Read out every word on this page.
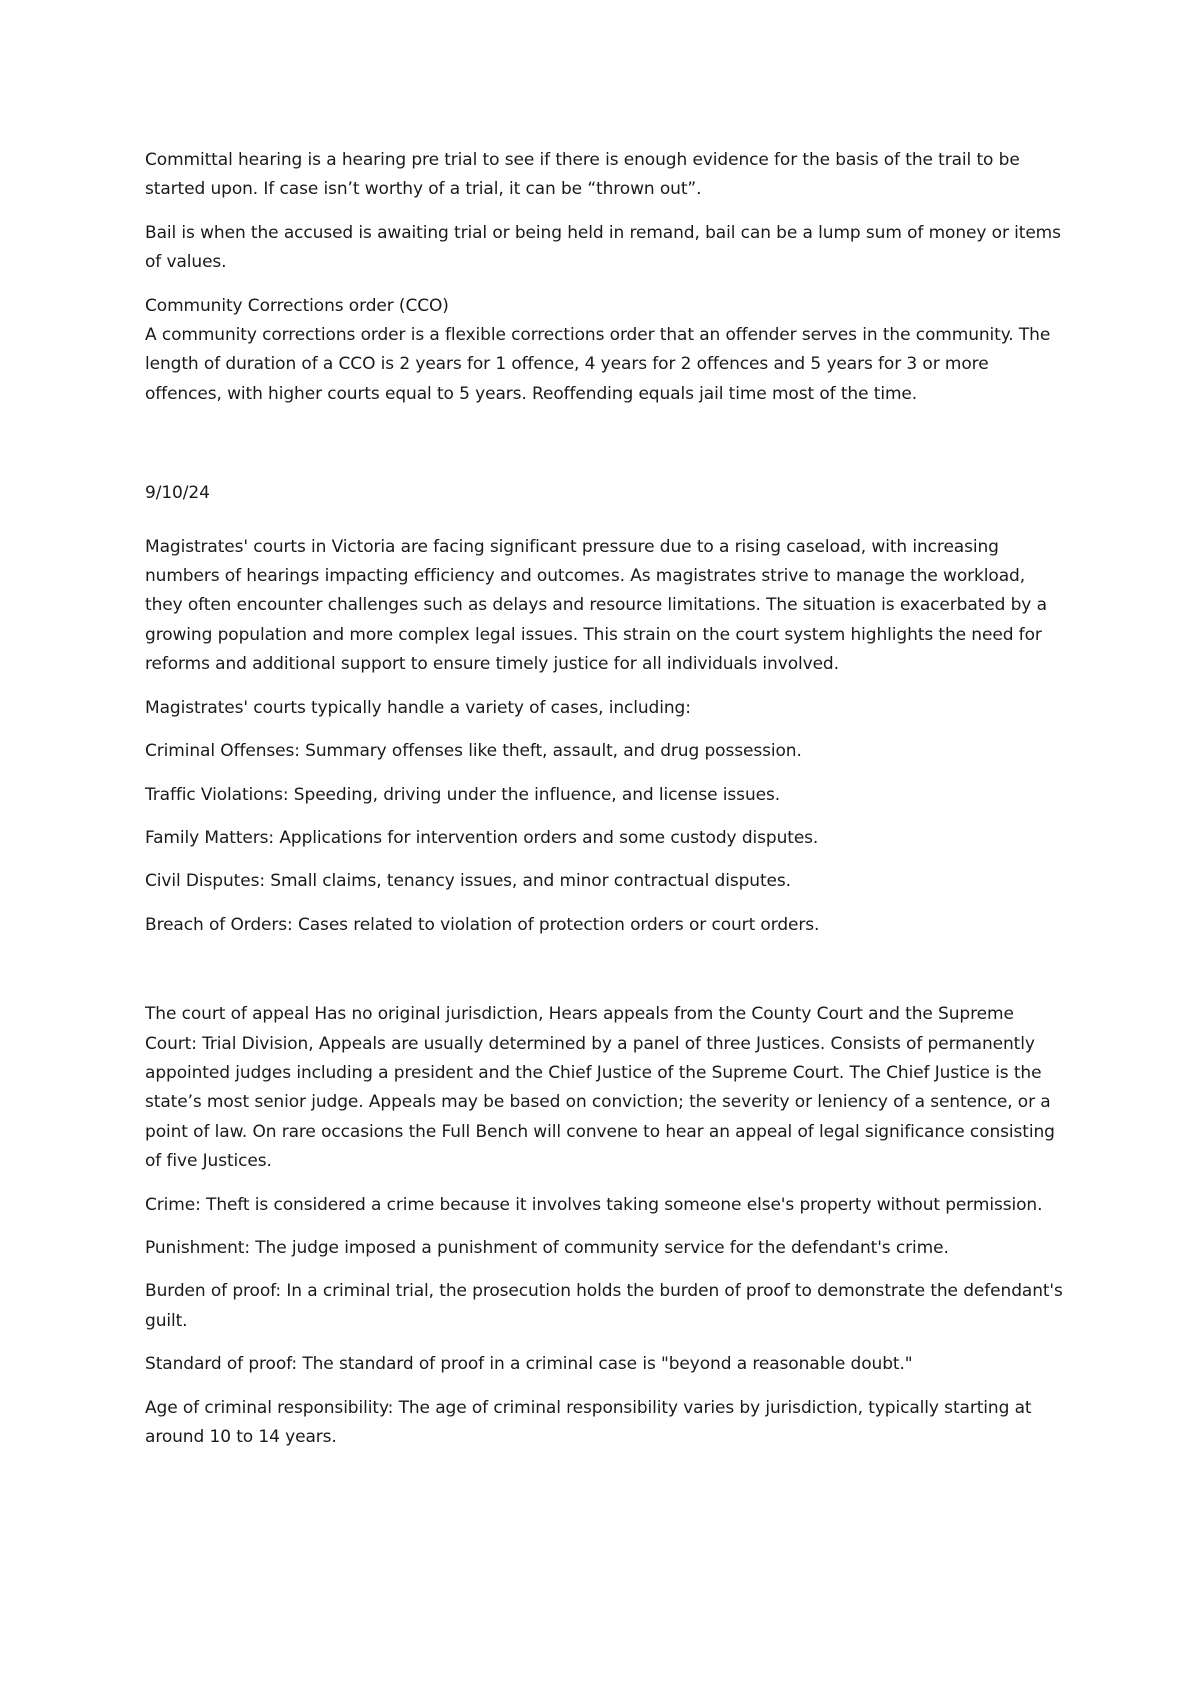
Committal hearing is a hearing pre trial to see if there is enough evidence for the basis of the trail to be started upon. If case isn’t worthy of a trial, it can be “thrown out”.

Bail is when the accused is awaiting trial or being held in remand, bail can be a lump sum of money or items of values.

Community Corrections order (CCO)

A community corrections order is a flexible corrections order that an offender serves in the community. The length of duration of a CCO is 2 years for 1 offence, 4 years for 2 offences and 5 years for 3 or more offences, with higher courts equal to 5 years. Reoffending equals jail time most of the time.

9/10/24

Magistrates' courts in Victoria are facing significant pressure due to a rising caseload, with increasing numbers of hearings impacting efficiency and outcomes. As magistrates strive to manage the workload, they often encounter challenges such as delays and resource limitations. The situation is exacerbated by a growing population and more complex legal issues. This strain on the court system highlights the need for reforms and additional support to ensure timely justice for all individuals involved.

Magistrates' courts typically handle a variety of cases, including:

Criminal Offenses: Summary offenses like theft, assault, and drug possession.

Traffic Violations: Speeding, driving under the influence, and license issues.

Family Matters: Applications for intervention orders and some custody disputes.

Civil Disputes: Small claims, tenancy issues, and minor contractual disputes.

Breach of Orders: Cases related to violation of protection orders or court orders.

The court of appeal Has no original jurisdiction, Hears appeals from the County Court and the Supreme Court: Trial Division, Appeals are usually determined by a panel of three Justices. Consists of permanently appointed judges including a president and the Chief Justice of the Supreme Court. The Chief Justice is the state’s most senior judge. Appeals may be based on conviction; the severity or leniency of a sentence, or a point of law. On rare occasions the Full Bench will convene to hear an appeal of legal significance consisting of five Justices.

Crime: Theft is considered a crime because it involves taking someone else's property without permission.

Punishment: The judge imposed a punishment of community service for the defendant's crime.

Burden of proof: In a criminal trial, the prosecution holds the burden of proof to demonstrate the defendant's guilt.

Standard of proof: The standard of proof in a criminal case is "beyond a reasonable doubt."

Age of criminal responsibility: The age of criminal responsibility varies by jurisdiction, typically starting at around 10 to 14 years.
